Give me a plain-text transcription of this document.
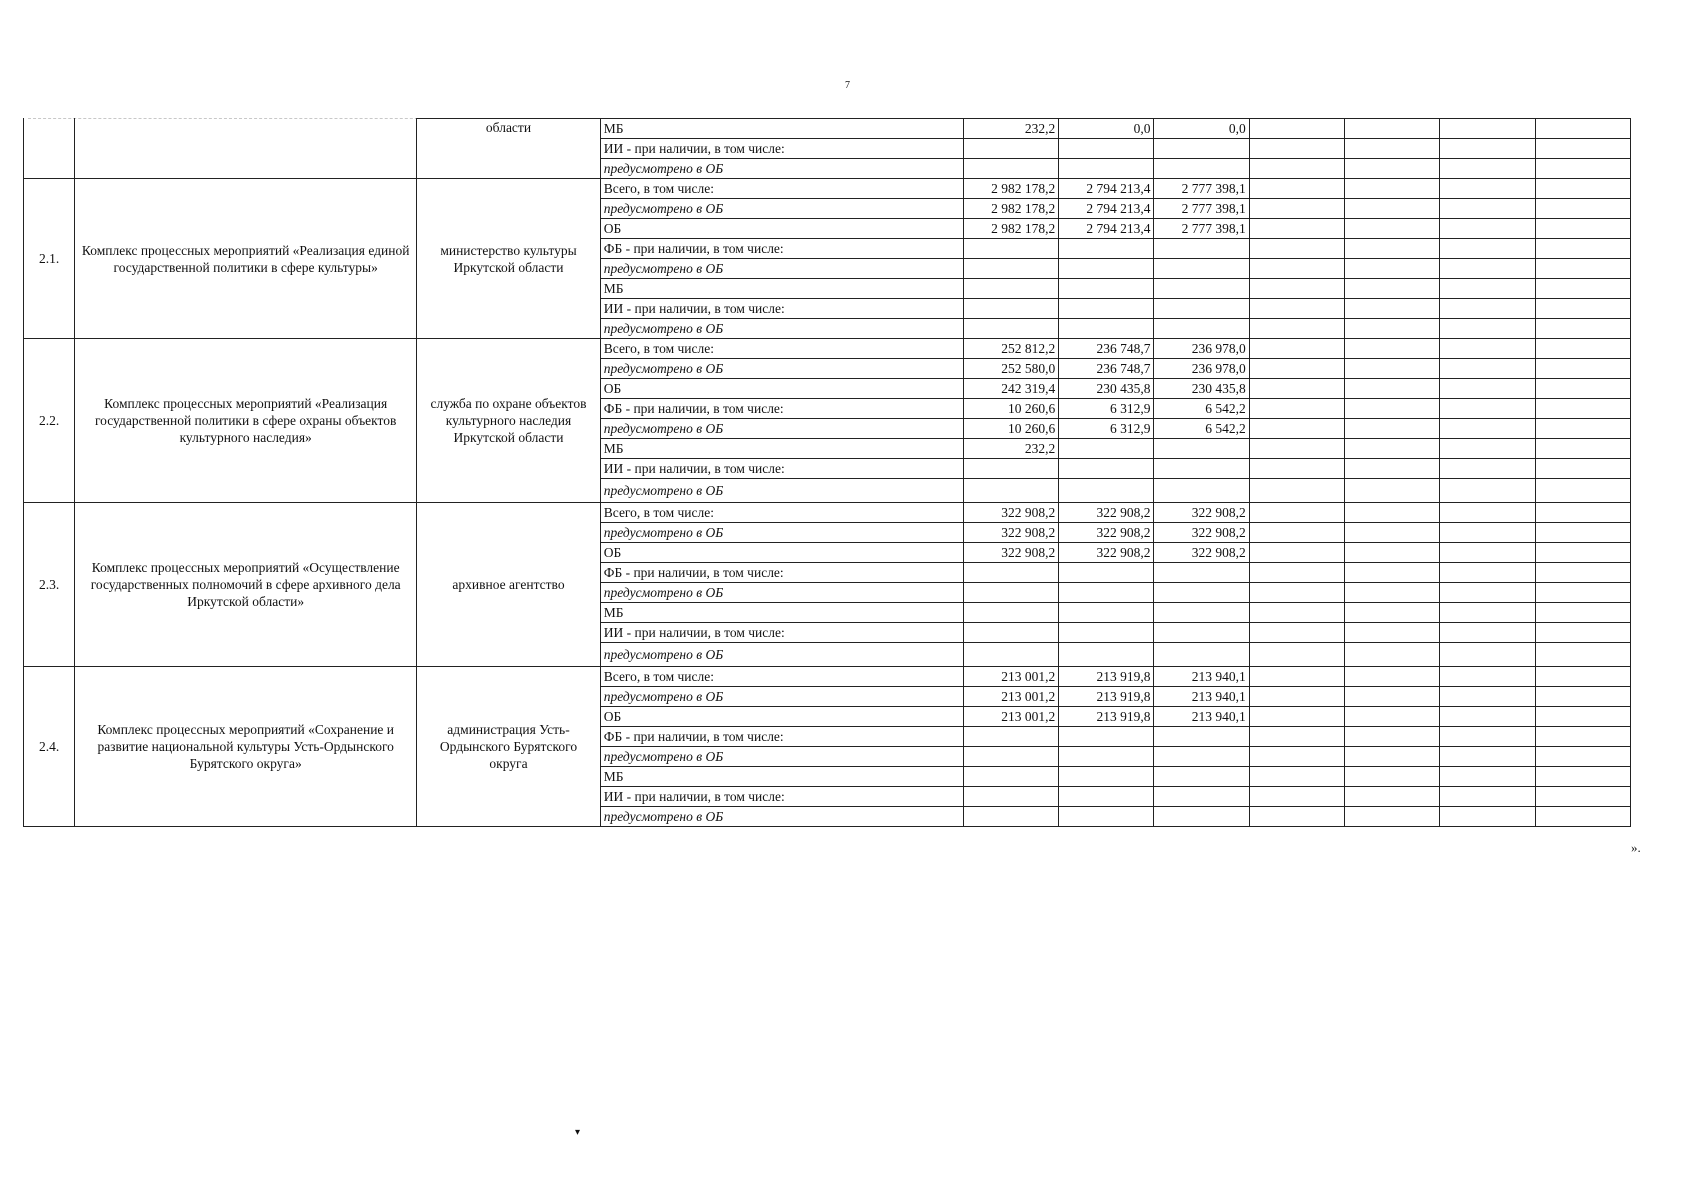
7
		области	МБ	232,2	0,0	0,0				
			ИИ - при наличии, в том числе:							
			предусмотрено в ОБ							
2.1.	Комплекс процессных мероприятий «Реализация единой государственной политики в сфере культуры»	министерство культуры Иркутской области	Всего, в том числе:	2 982 178,2	2 794 213,4	2 777 398,1				
			предусмотрено в ОБ	2 982 178,2	2 794 213,4	2 777 398,1				
			ОБ	2 982 178,2	2 794 213,4	2 777 398,1				
			ФБ - при наличии, в том числе:							
			предусмотрено в ОБ							
			МБ							
			ИИ - при наличии, в том числе:							
			предусмотрено в ОБ							
2.2.	Комплекс процессных мероприятий «Реализация государственной политики в сфере охраны объектов культурного наследия»	служба по охране объектов культурного наследия Иркутской области	Всего, в том числе:	252 812,2	236 748,7	236 978,0				
			предусмотрено в ОБ	252 580,0	236 748,7	236 978,0				
			ОБ	242 319,4	230 435,8	230 435,8				
			ФБ - при наличии, в том числе:	10 260,6	6 312,9	6 542,2				
			предусмотрено в ОБ	10 260,6	6 312,9	6 542,2				
			МБ	232,2						
			ИИ - при наличии, в том числе:							
			предусмотрено в ОБ							
2.3.	Комплекс процессных мероприятий «Осуществление государственных полномочий в сфере архивного дела Иркутской области»	архивное агентство	Всего, в том числе:	322 908,2	322 908,2	322 908,2				
			предусмотрено в ОБ	322 908,2	322 908,2	322 908,2				
			ОБ	322 908,2	322 908,2	322 908,2				
			ФБ - при наличии, в том числе:							
			предусмотрено в ОБ							
			МБ							
			ИИ - при наличии, в том числе:							
			предусмотрено в ОБ							
2.4.	Комплекс процессных мероприятий «Сохранение и развитие национальной культуры Усть-Ордынского Бурятского округа»	администрация Усть-Ордынского Бурятского округа	Всего, в том числе:	213 001,2	213 919,8	213 940,1				
			предусмотрено в ОБ	213 001,2	213 919,8	213 940,1				
			ОБ	213 001,2	213 919,8	213 940,1				
			ФБ - при наличии, в том числе:							
			предусмотрено в ОБ							
			МБ							
			ИИ - при наличии, в том числе:							
			предусмотрено в ОБ							
».
▾
